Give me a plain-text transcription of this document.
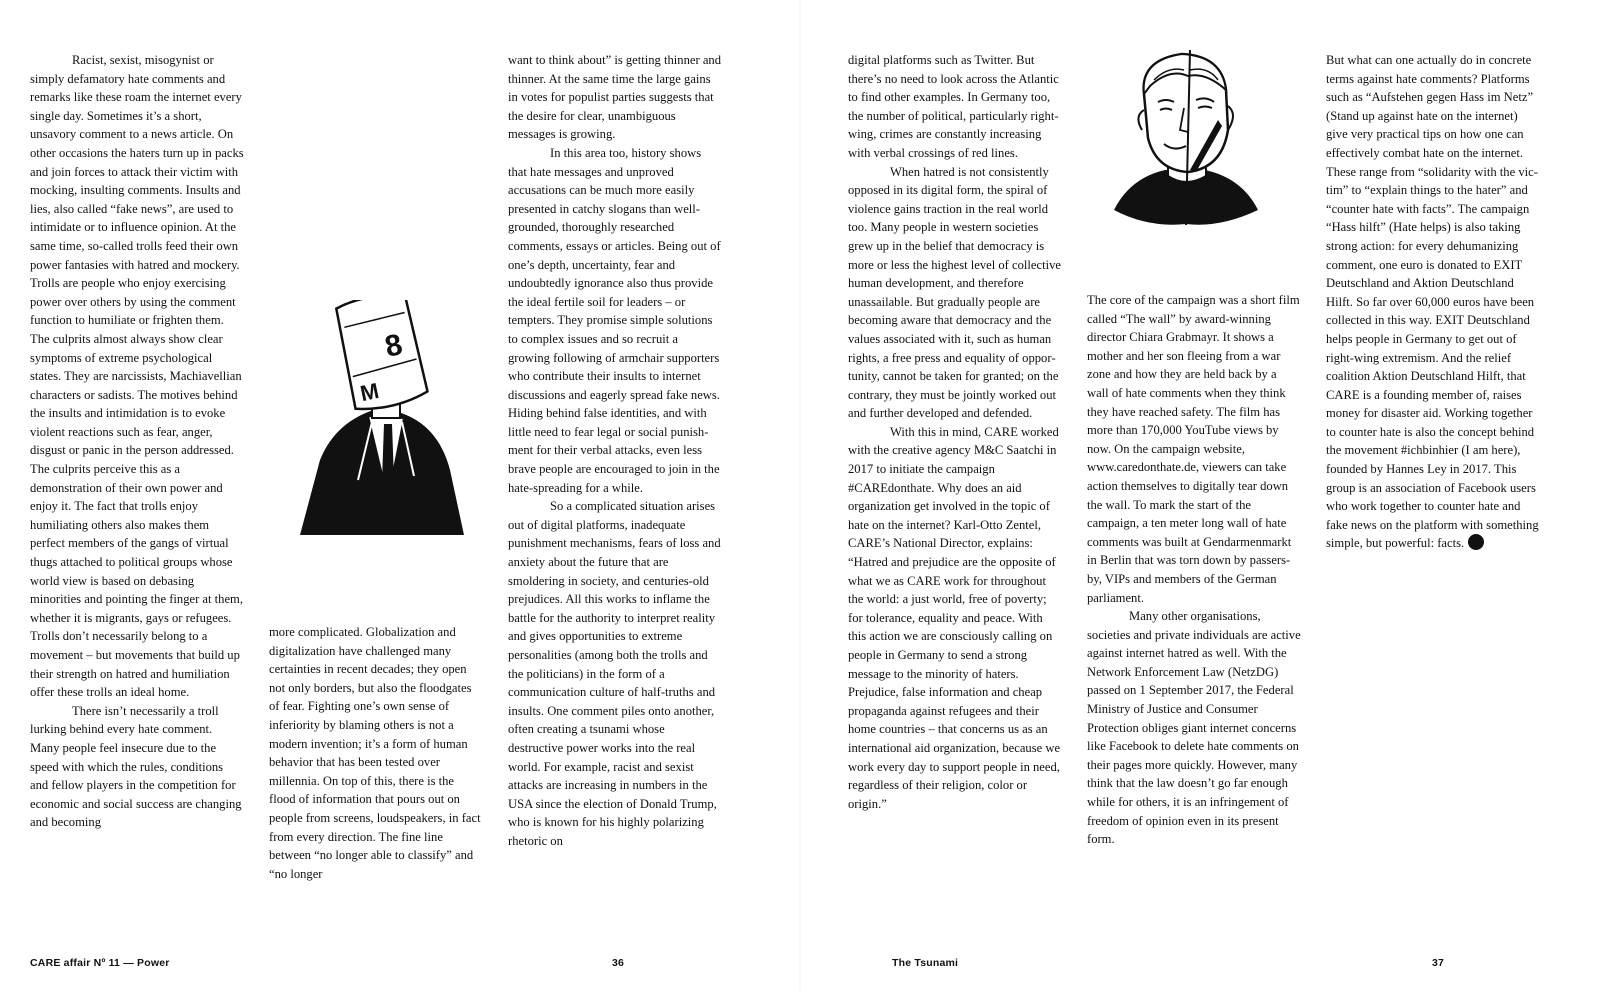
Racist, sexist, misogynist or simply defamatory hate comments and remarks like these roam the internet every single day. Sometimes it’s a short, unsavory comment to a news article. On other occasions the haters turn up in packs and join forces to attack their victim with mocking, insulting comments. Insults and lies, also called “fake news”, are used to intimidate or to influence opinion. At the same time, so-called trolls feed their own power fantasies with hatred and mockery. Trolls are people who enjoy exercising power over others by using the comment function to humiliate or frighten them. The culprits almost always show clear symptoms of extreme psychological states. They are narcissists, Machiavellian characters or sadists. The motives behind the insults and intimidation is to evoke violent reactions such as fear, anger, disgust or panic in the person addressed. The culprits perceive this as a demonstration of their own power and enjoy it. The fact that trolls enjoy humiliating others also makes them perfect members of the gangs of virtual thugs attached to political groups whose world view is based on debasing minorities and pointing the finger at them, whether it is migrants, gays or refugees. Trolls don’t necessarily belong to a movement – but movements that build up their strength on hatred and humiliation offer these trolls an ideal home.

There isn’t necessarily a troll lurking behind every hate comment. Many people feel insecure due to the speed with which the rules, conditions and fellow players in the competition for economic and social success are changing and becoming

8
M

more complicated. Globalization and digitalization have challenged many certainties in recent decades; they open not only borders, but also the floodgates of fear. Fighting one’s own sense of inferiority by blaming others is not a modern invention; it’s a form of human behavior that has been tested over millennia. On top of this, there is the flood of information that pours out on people from screens, loudspeakers, in fact from every direction. The fine line between “no longer able to classify” and “no longer

want to think about” is getting thinner and thinner. At the same time the large gains in votes for populist parties suggests that the desire for clear, unambiguous messages is growing.

In this area too, history shows that hate messages and unproved accusations can be much more easily presented in catchy slogans than well-grounded, thoroughly researched comments, essays or articles. Being out of one’s depth, uncertainty, fear and undoubtedly ignorance also thus provide the ideal fertile soil for leaders – or tempters. They promise simple solutions to complex issues and so recruit a growing following of armchair supporters who contribute their insults to internet discussions and eagerly spread fake news. Hiding behind false identities, and with little need to fear legal or social punishment for their verbal attacks, even less brave people are encouraged to join in the hate-spreading for a while.

So a complicated situation arises out of digital platforms, inadequate punishment mechanisms, fears of loss and anxiety about the future that are smoldering in society, and centuries-old prejudices. All this works to inflame the battle for the authority to interpret reality and gives opportunities to extreme personalities (among both the trolls and the politicians) in the form of a communication culture of half-truths and insults. One comment piles onto another, often creating a tsunami whose destructive power works into the real world. For example, racist and sexist attacks are increasing in numbers in the USA since the election of Donald Trump, who is known for his highly polarizing rhetoric on

CARE affair Nº 11 — Power	36

digital platforms such as Twitter. But there’s no need to look across the Atlantic to find other examples. In Germany too, the number of political, particularly right-wing, crimes are constantly increasing with verbal crossings of red lines.

When hatred is not consistently opposed in its digital form, the spiral of violence gains traction in the real world too. Many people in western societies grew up in the belief that democracy is more or less the highest level of collective human development, and therefore unassailable. But gradually people are becoming aware that democracy and the values associated with it, such as human rights, a free press and equality of opportunity, cannot be taken for granted; on the contrary, they must be jointly worked out and further developed and defended.

With this in mind, CARE worked with the creative agency M&C Saatchi in 2017 to initiate the campaign #CAREdonthate. Why does an aid organization get involved in the topic of hate on the internet? Karl-Otto Zentel, CARE’s National Director, explains: “Hatred and prejudice are the opposite of what we as CARE work for throughout the world: a just world, free of poverty; for tolerance, equality and peace. With this action we are consciously calling on people in Germany to send a strong message to the minority of haters. Prejudice, false information and cheap propaganda against refugees and their home countries – that concerns us as an international aid organization, because we work every day to support people in need, regardless of their religion, color or origin.”

The core of the campaign was a short film called “The wall” by award-winning director Chiara Grabmayr. It shows a mother and her son fleeing from a war zone and how they are held back by a wall of hate comments when they think they have reached safety. The film has more than 170,000 YouTube views by now. On the campaign website, www.caredonthate.de, viewers can take action themselves to digitally tear down the wall. To mark the start of the campaign, a ten meter long wall of hate comments was built at Gendarmenmarkt in Berlin that was torn down by passers-by, VIPs and members of the German parliament.

Many other organisations, societies and private individuals are active against internet hatred as well. With the Network Enforcement Law (NetzDG) passed on 1 September 2017, the Federal Ministry of Justice and Consumer Protection obliges giant internet concerns like Facebook to delete hate comments on their pages more quickly. However, many think that the law doesn’t go far enough while for others, it is an infringement of freedom of opinion even in its present form.

But what can one actually do in concrete terms against hate comments? Platforms such as “Aufstehen gegen Hass im Netz” (Stand up against hate on the internet) give very practical tips on how one can effectively combat hate on the internet. These range from “solidarity with the victim” to “explain things to the hater” and “counter hate with facts”. The campaign “Hass hilft” (Hate helps) is also taking strong action: for every dehumanizing comment, one euro is donated to EXIT Deutschland and Aktion Deutschland Hilft. So far over 60,000 euros have been collected in this way. EXIT Deutschland helps people in Germany to get out of right-wing extremism. And the relief coalition Aktion Deutschland Hilft, that CARE is a founding member of, raises money for disaster aid. Working together to counter hate is also the concept behind the movement #ichbinhier (I am here), founded by Hannes Ley in 2017. This group is an association of Facebook users who work together to counter hate and fake news on the platform with something simple, but powerful: facts.

The Tsunami	37
